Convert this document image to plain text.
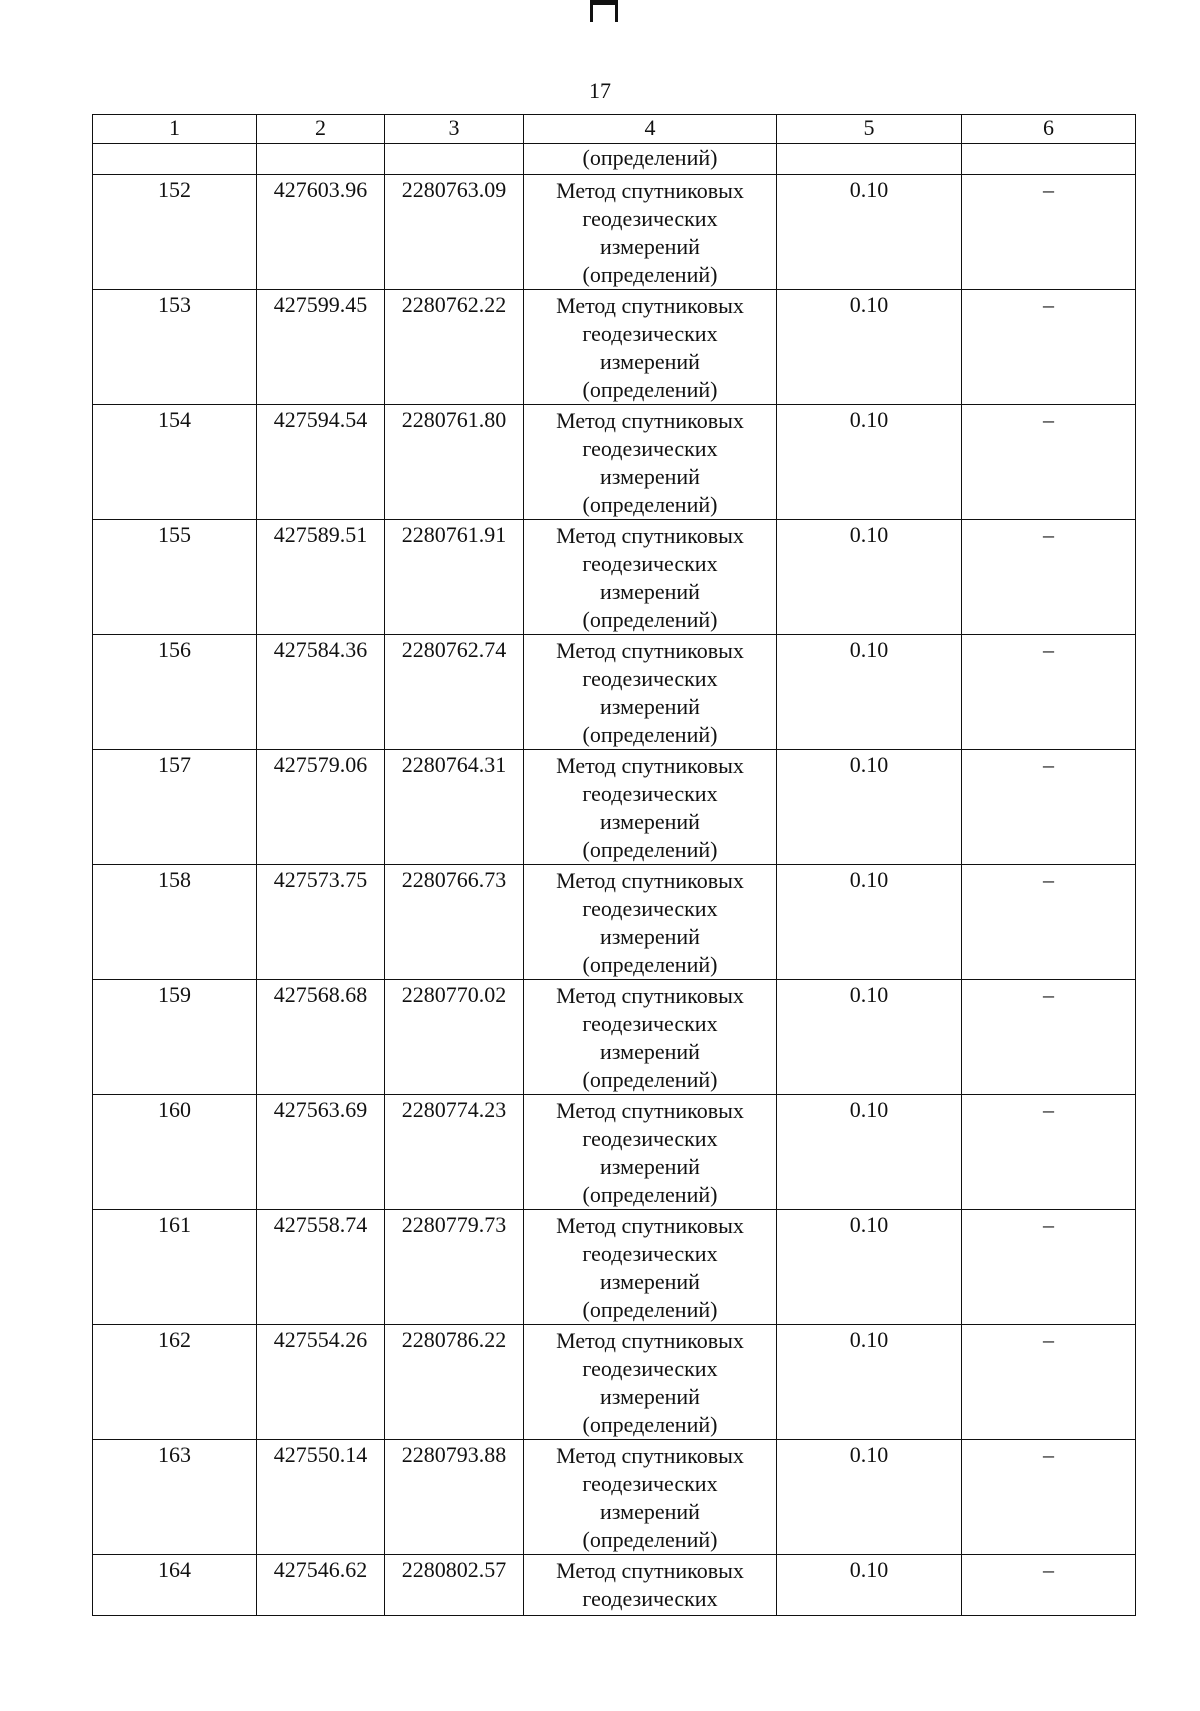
17
1	2	3	4	5	6
			(определений)		
152	427603.96	2280763.09	Метод спутниковых
геодезических
измерений
(определений)	0.10	–
153	427599.45	2280762.22	Метод спутниковых
геодезических
измерений
(определений)	0.10	–
154	427594.54	2280761.80	Метод спутниковых
геодезических
измерений
(определений)	0.10	–
155	427589.51	2280761.91	Метод спутниковых
геодезических
измерений
(определений)	0.10	–
156	427584.36	2280762.74	Метод спутниковых
геодезических
измерений
(определений)	0.10	–
157	427579.06	2280764.31	Метод спутниковых
геодезических
измерений
(определений)	0.10	–
158	427573.75	2280766.73	Метод спутниковых
геодезических
измерений
(определений)	0.10	–
159	427568.68	2280770.02	Метод спутниковых
геодезических
измерений
(определений)	0.10	–
160	427563.69	2280774.23	Метод спутниковых
геодезических
измерений
(определений)	0.10	–
161	427558.74	2280779.73	Метод спутниковых
геодезических
измерений
(определений)	0.10	–
162	427554.26	2280786.22	Метод спутниковых
геодезических
измерений
(определений)	0.10	–
163	427550.14	2280793.88	Метод спутниковых
геодезических
измерений
(определений)	0.10	–
164	427546.62	2280802.57	Метод спутниковых
геодезических	0.10	–
